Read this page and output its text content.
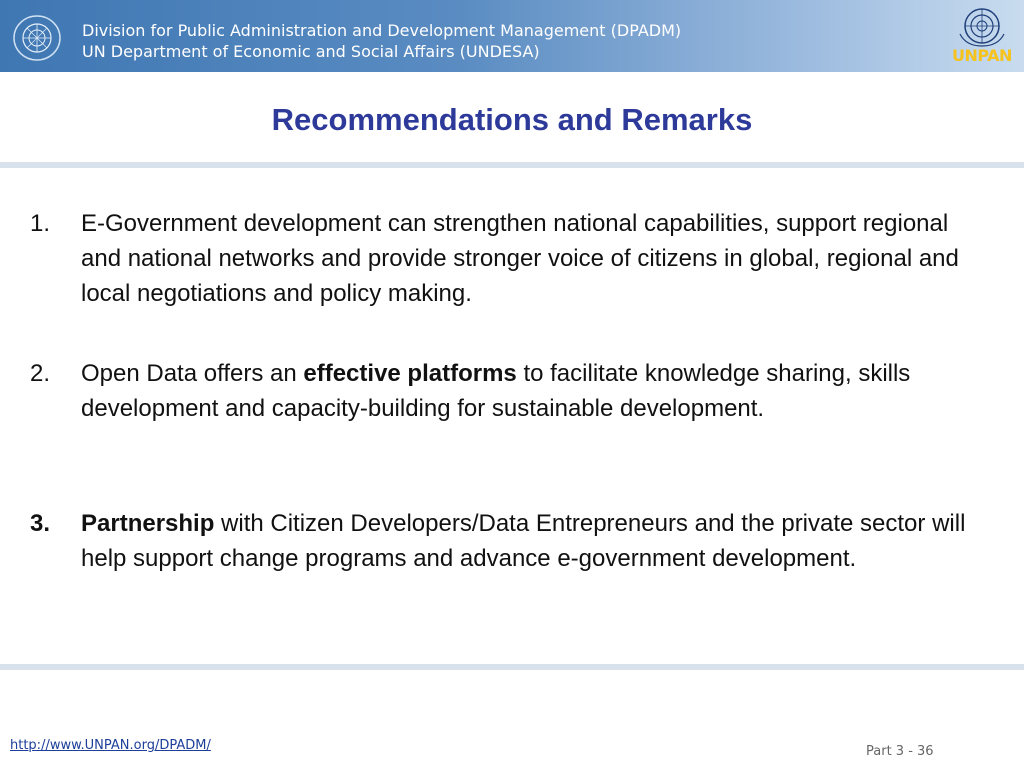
Division for Public Administration and Development Management (DPADM)
UN Department of Economic and Social Affairs (UNDESA)	UNPAN
Recommendations and Remarks
1. E-Government development can strengthen national capabilities, support regional and national networks and provide stronger voice of citizens in global, regional and local negotiations and policy making.
2. Open Data offers an effective platforms to facilitate knowledge sharing, skills development and capacity-building for sustainable development.
3. Partnership with Citizen Developers/Data Entrepreneurs and the private sector will help support change programs and advance e-government development.
http://www.UNPAN.org/DPADM/	Part 3 - 36
